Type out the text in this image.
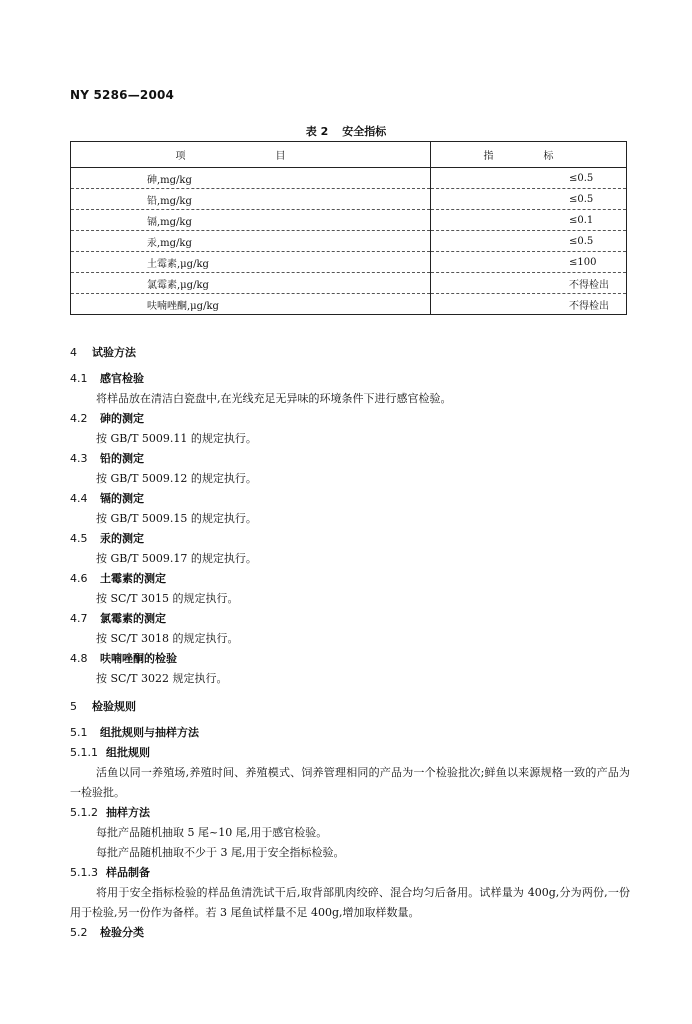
NY 5286—2004
表 2 安全指标
项　目	指　标
砷,mg/kg	≤0.5
铅,mg/kg	≤0.5
镉,mg/kg	≤0.1
汞,mg/kg	≤0.5
土霉素,μg/kg	≤100
氯霉素,μg/kg	不得检出
呋喃唑酮,μg/kg	不得检出
4 试验方法
4.1 感官检验
将样品放在清洁白瓷盘中,在光线充足无异味的环境条件下进行感官检验。
4.2 砷的测定
按 GB/T 5009.11 的规定执行。
4.3 铅的测定
按 GB/T 5009.12 的规定执行。
4.4 镉的测定
按 GB/T 5009.15 的规定执行。
4.5 汞的测定
按 GB/T 5009.17 的规定执行。
4.6 土霉素的测定
按 SC/T 3015 的规定执行。
4.7 氯霉素的测定
按 SC/T 3018 的规定执行。
4.8 呋喃唑酮的检验
按 SC/T 3022 规定执行。
5 检验规则
5.1 组批规则与抽样方法
5.1.1 组批规则
活鱼以同一养殖场,养殖时间、养殖模式、饲养管理相同的产品为一个检验批次;鲜鱼以来源规格一致的产品为一检验批。
5.1.2 抽样方法
每批产品随机抽取 5 尾~10 尾,用于感官检验。
每批产品随机抽取不少于 3 尾,用于安全指标检验。
5.1.3 样品制备
将用于安全指标检验的样品鱼清洗试干后,取背部肌肉绞碎、混合均匀后备用。试样量为 400g,分为两份,一份用于检验,另一份作为备样。若 3 尾鱼试样量不足 400g,增加取样数量。
5.2 检验分类
